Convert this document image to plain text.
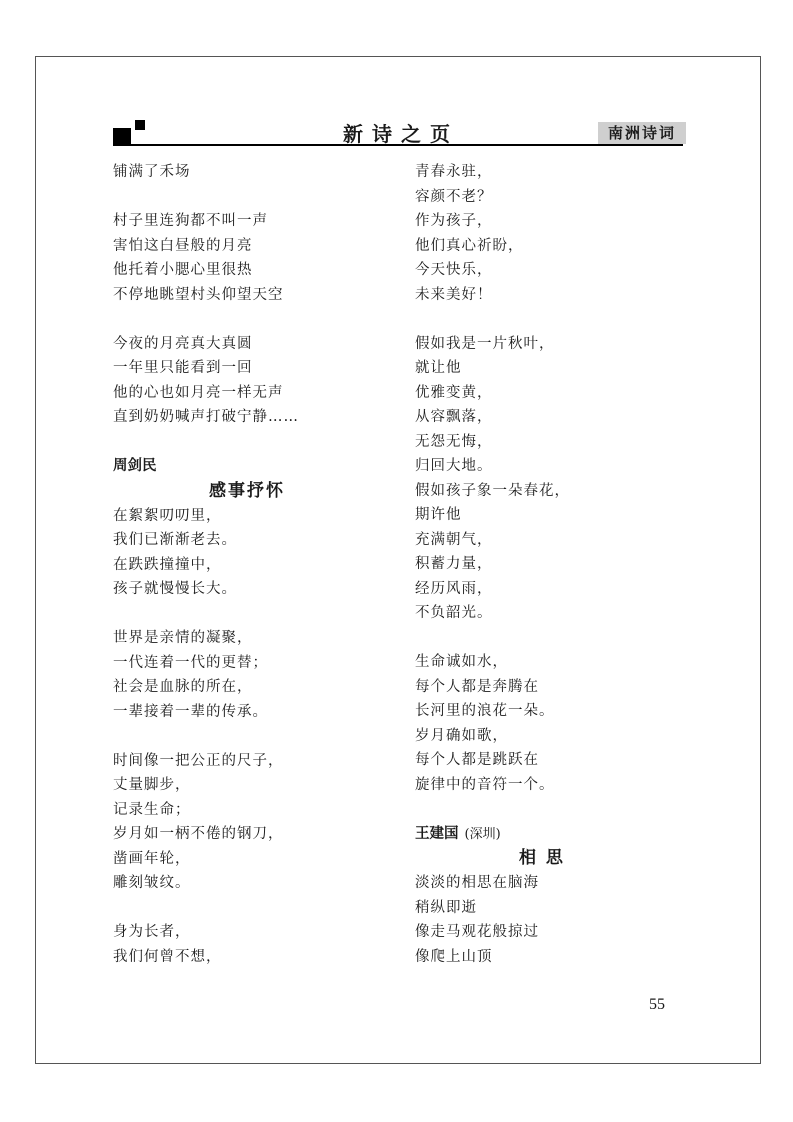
新诗之页	南洲诗词
铺满了禾场
村子里连狗都不叫一声
害怕这白昼般的月亮
他托着小腮心里很热
不停地眺望村头仰望天空
今夜的月亮真大真圆
一年里只能看到一回
他的心也如月亮一样无声
直到奶奶喊声打破宁静……
周剑民
感事抒怀
在絮絮叨叨里，
我们已渐渐老去。
在跌跌撞撞中，
孩子就慢慢长大。
世界是亲情的凝聚，
一代连着一代的更替；
社会是血脉的所在，
一辈接着一辈的传承。
时间像一把公正的尺子，
丈量脚步，
记录生命；
岁月如一柄不倦的钢刀，
凿画年轮，
雕刻皱纹。
身为长者，
我们何曾不想，
青春永驻，
容颜不老？
作为孩子，
他们真心祈盼，
今天快乐，
未来美好！
假如我是一片秋叶，
就让他
优雅变黄，
从容飘落，
无怨无悔，
归回大地。
假如孩子象一朵春花，
期许他
充满朝气，
积蓄力量，
经历风雨，
不负韶光。
生命诚如水，
每个人都是奔腾在
长河里的浪花一朵。
岁月确如歌，
每个人都是跳跃在
旋律中的音符一个。
王建国 (深圳)
相 思
淡淡的相思在脑海
稍纵即逝
像走马观花般掠过
像爬上山顶
55
